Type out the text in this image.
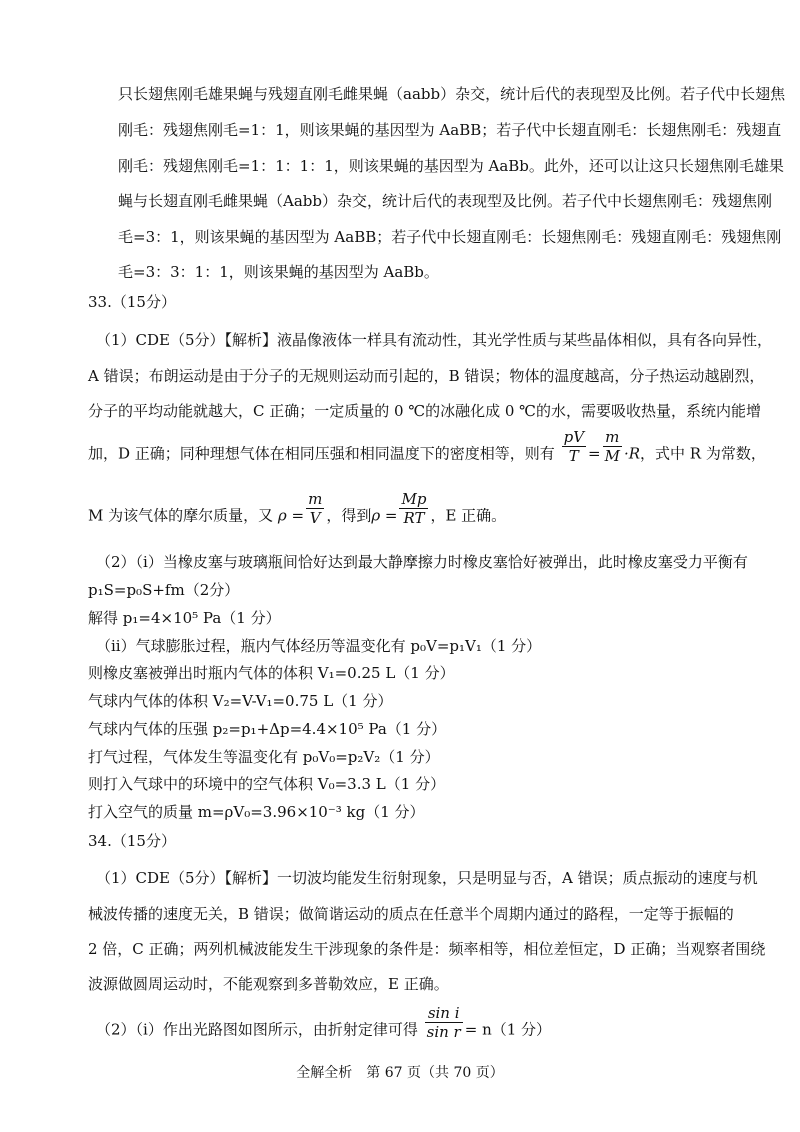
只长翅焦刚毛雄果蝇与残翅直刚毛雌果蝇（aabb）杂交，统计后代的表现型及比例。若子代中长翅焦
刚毛：残翅焦刚毛=1：1，则该果蝇的基因型为 AaBB；若子代中长翅直刚毛：长翅焦刚毛：残翅直
刚毛：残翅焦刚毛=1：1：1：1，则该果蝇的基因型为 AaBb。此外，还可以让这只长翅焦刚毛雄果
蝇与长翅直刚毛雌果蝇（Aabb）杂交，统计后代的表现型及比例。若子代中长翅焦刚毛：残翅焦刚
毛=3：1，则该果蝇的基因型为 AaBB；若子代中长翅直刚毛：长翅焦刚毛：残翅直刚毛：残翅焦刚
毛=3：3：1：1，则该果蝇的基因型为 AaBb。
33.（15分）
（1）CDE（5分）【解析】液晶像液体一样具有流动性，其光学性质与某些晶体相似，具有各向异性，
A 错误；布朗运动是由于分子的无规则运动而引起的，B 错误；物体的温度越高，分子热运动越剧烈，
分子的平均动能就越大，C 正确；一定质量的 0 ℃的冰融化成 0 ℃的水，需要吸收热量，系统内能增
加，D 正确；同种理想气体在相同压强和相同温度下的密度相等，则有 $\frac{pV}{T} = \frac{m}{M} \cdot R$，式中 R 为常数，
M 为该气体的摩尔质量，又 $\rho = \frac{m}{V}$ ，得到$\rho = \frac{Mp}{RT}$ ，E 正确。
（2）（i）当橡皮塞与玻璃瓶间恰好达到最大静摩擦力时橡皮塞恰好被弹出，此时橡皮塞受力平衡有
p₁S=p₀S+fm（2分）
解得 p₁=4×10⁵ Pa（1 分）
（ii）气球膨胀过程，瓶内气体经历等温变化有 p₀V=p₁V₁（1 分）
则橡皮塞被弹出时瓶内气体的体积 V₁=0.25 L（1 分）
气球内气体的体积 V₂=V-V₁=0.75 L（1 分）
气球内气体的压强 p₂=p₁+Δp=4.4×10⁵ Pa（1 分）
打气过程，气体发生等温变化有 p₀V₀=p₂V₂（1 分）
则打入气球中的环境中的空气体积 V₀=3.3 L（1 分）
打入空气的质量 m=ρV₀=3.96×10⁻³ kg（1 分）
34.（15分）
（1）CDE（5分）【解析】一切波均能发生衍射现象，只是明显与否，A 错误；质点振动的速度与机
械波传播的速度无关，B 错误；做简谐运动的质点在任意半个周期内通过的路程，一定等于振幅的
2 倍，C 正确；两列机械波能发生干涉现象的条件是：频率相等，相位差恒定，D 正确；当观察者围绕
波源做圆周运动时，不能观察到多普勒效应，E 正确。
（2）（i）作出光路图如图所示，由折射定律可得 $\frac{\text{sin i}}{\text{sin r}} = n(1$ 分）
全解全析　第 67 页（共 70 页）
